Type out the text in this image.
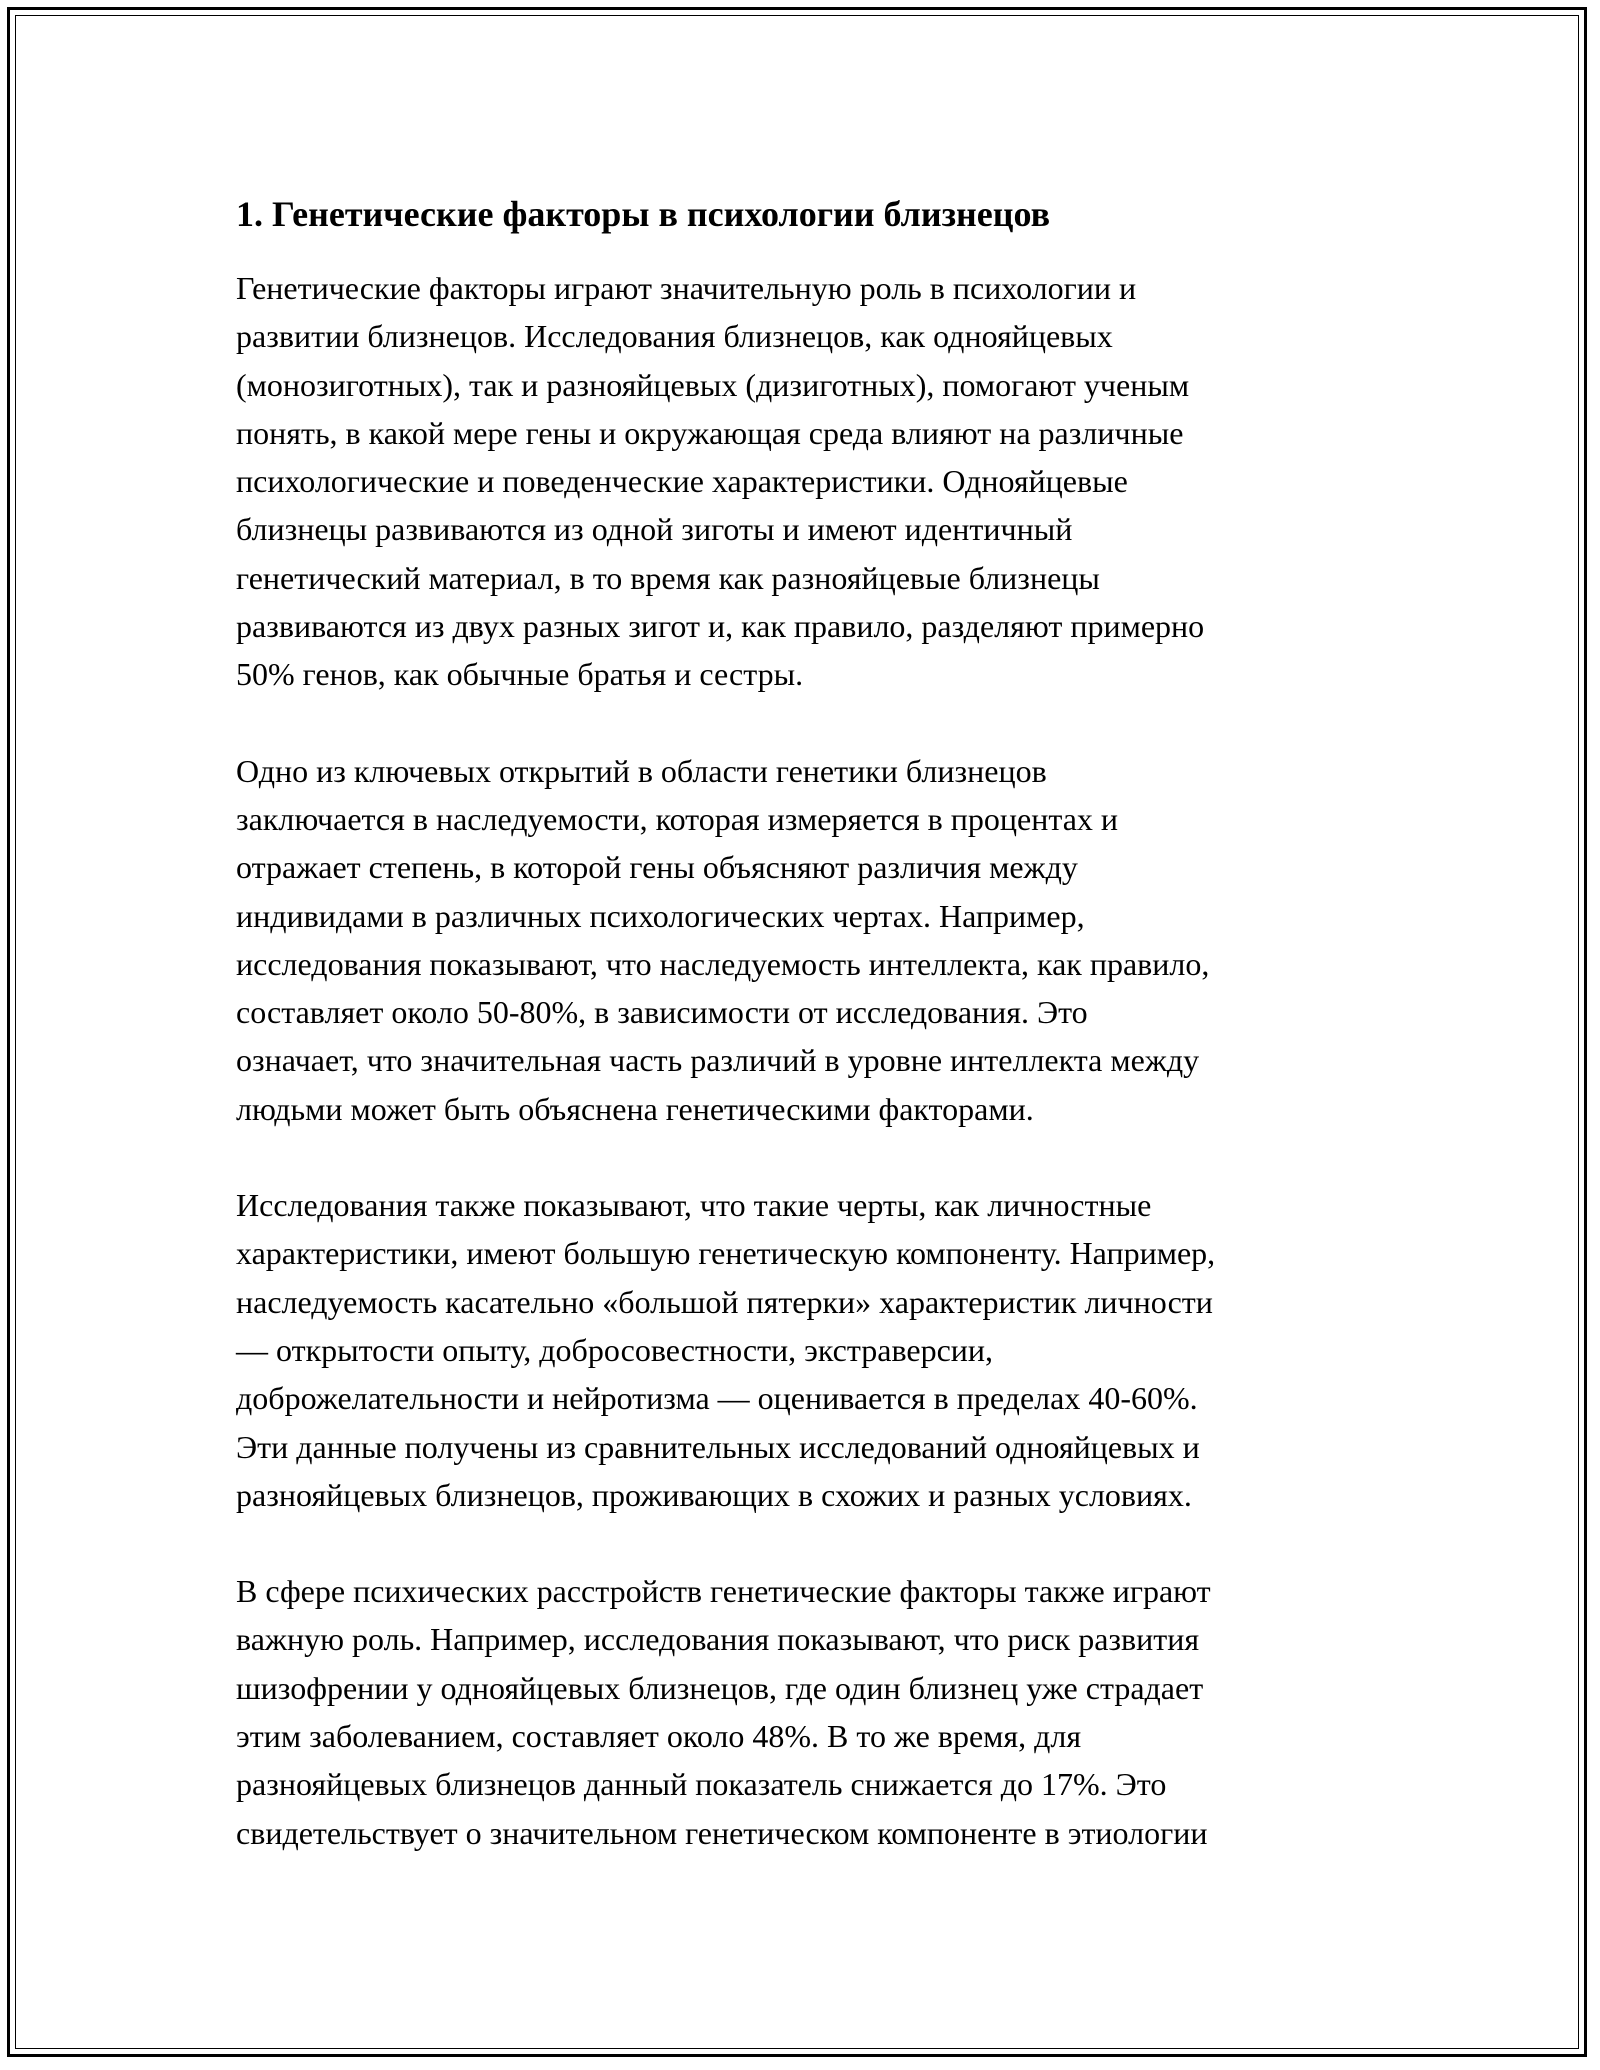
1. Генетические факторы в психологии близнецов

Генетические факторы играют значительную роль в психологии и
развитии близнецов. Исследования близнецов, как однояйцевых
(монозиготных), так и разнояйцевых (дизиготных), помогают ученым
понять, в какой мере гены и окружающая среда влияют на различные
психологические и поведенческие характеристики. Однояйцевые
близнецы развиваются из одной зиготы и имеют идентичный
генетический материал, в то время как разнояйцевые близнецы
развиваются из двух разных зигот и, как правило, разделяют примерно
50% генов, как обычные братья и сестры.

Одно из ключевых открытий в области генетики близнецов
заключается в наследуемости, которая измеряется в процентах и
отражает степень, в которой гены объясняют различия между
индивидами в различных психологических чертах. Например,
исследования показывают, что наследуемость интеллекта, как правило,
составляет около 50-80%, в зависимости от исследования. Это
означает, что значительная часть различий в уровне интеллекта между
людьми может быть объяснена генетическими факторами.

Исследования также показывают, что такие черты, как личностные
характеристики, имеют большую генетическую компоненту. Например,
наследуемость касательно «большой пятерки» характеристик личности
— открытости опыту, добросовестности, экстраверсии,
доброжелательности и нейротизма — оценивается в пределах 40-60%.
Эти данные получены из сравнительных исследований однояйцевых и
разнояйцевых близнецов, проживающих в схожих и разных условиях.

В сфере психических расстройств генетические факторы также играют
важную роль. Например, исследования показывают, что риск развития
шизофрении у однояйцевых близнецов, где один близнец уже страдает
этим заболеванием, составляет около 48%. В то же время, для
разнояйцевых близнецов данный показатель снижается до 17%. Это
свидетельствует о значительном генетическом компоненте в этиологии
